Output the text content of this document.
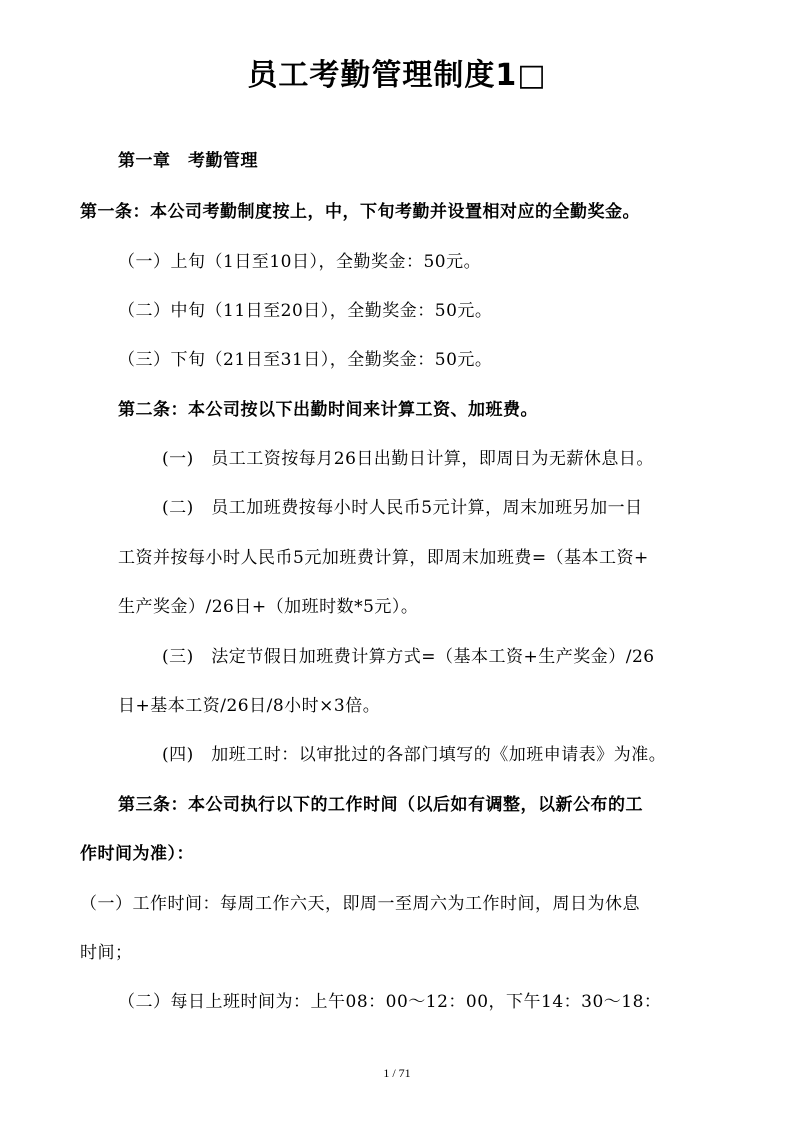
员工考勤管理制度1□
第一章　考勤管理
第一条：本公司考勤制度按上，中，下旬考勤并设置相对应的全勤奖金。
（一）上旬（1日至10日），全勤奖金：50元。
（二）中旬（11日至20日），全勤奖金：50元。
（三）下旬（21日至31日），全勤奖金：50元。
第二条：本公司按以下出勤时间来计算工资、加班费。
(一)　员工工资按每月26日出勤日计算，即周日为无薪休息日。
(二)　员工加班费按每小时人民币5元计算，周末加班另加一日
工资并按每小时人民币5元加班费计算，即周末加班费=（基本工资+
生产奖金）/26日+（加班时数*5元）。
(三)　法定节假日加班费计算方式=（基本工资+生产奖金）/26
日+基本工资/26日/8小时×3倍。
(四)　加班工时：以审批过的各部门填写的《加班申请表》为准。
第三条：本公司执行以下的工作时间（以后如有调整，以新公布的工
作时间为准）：
（一）工作时间：每周工作六天，即周一至周六为工作时间，周日为休息
时间；
（二）每日上班时间为：上午08：00～12：00，下午14：30～18：
1 / 71
